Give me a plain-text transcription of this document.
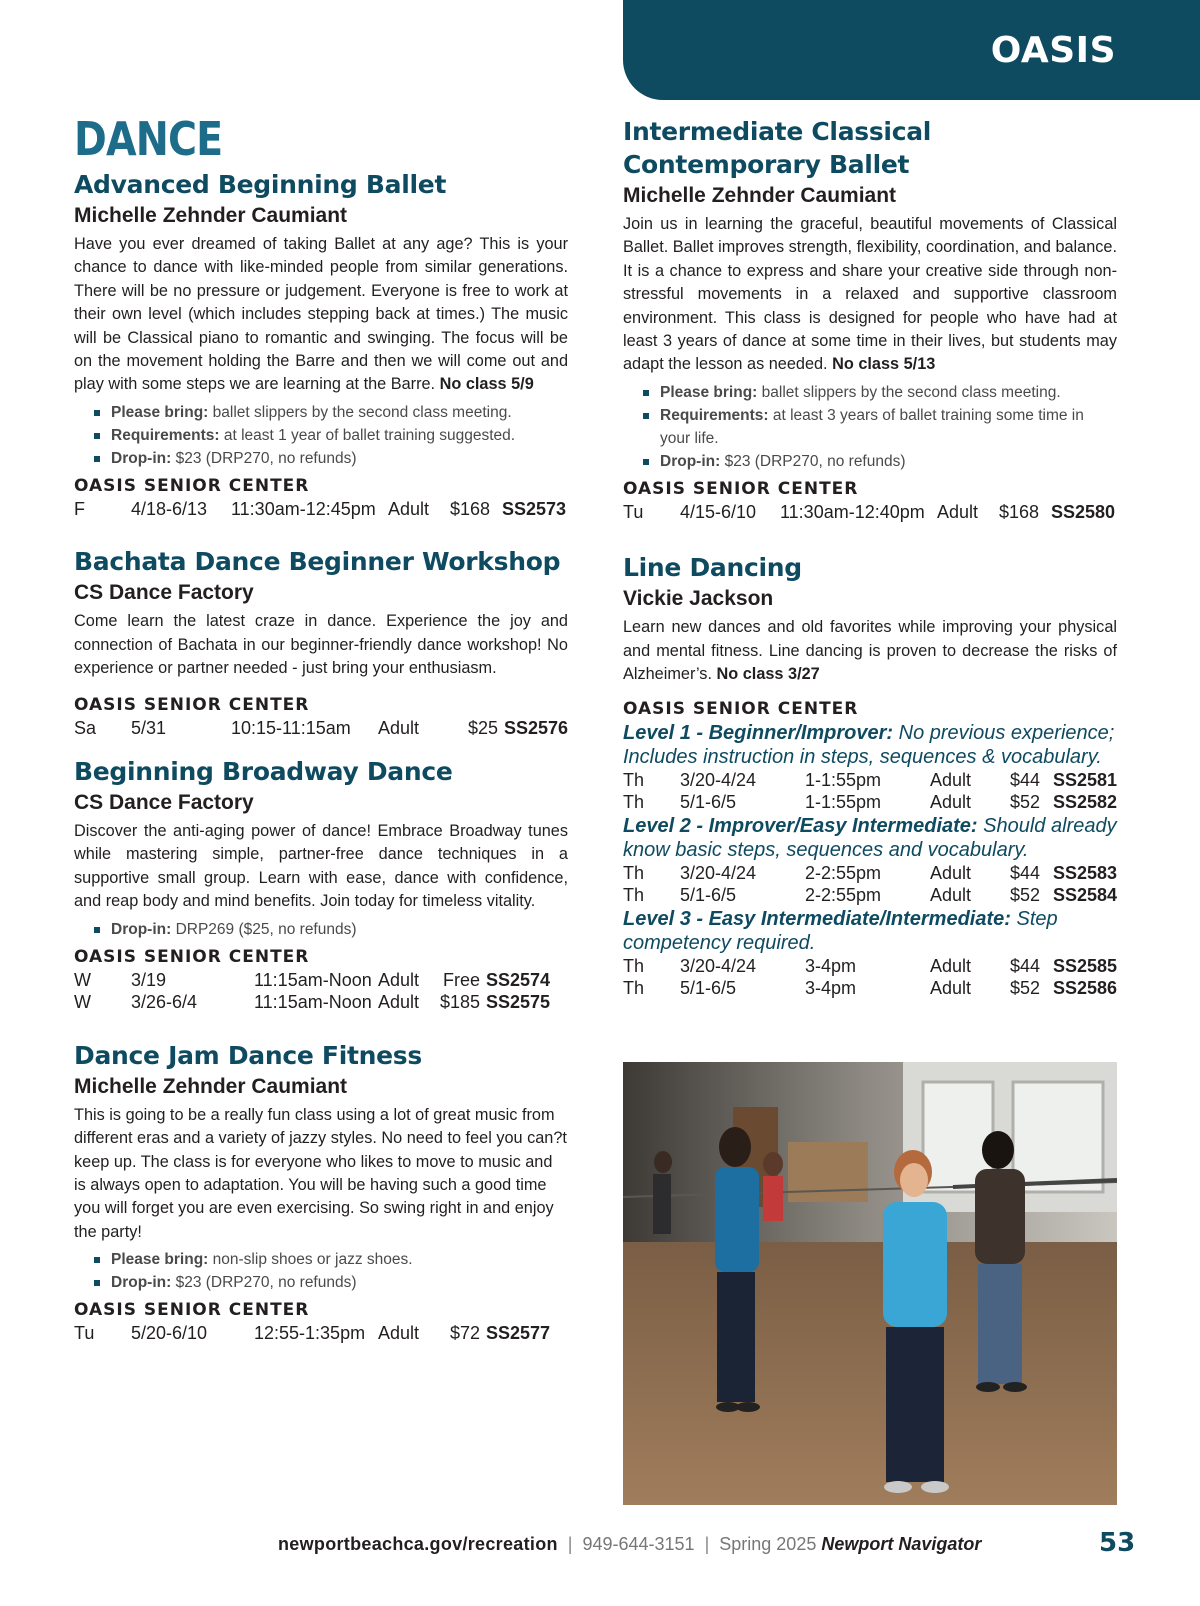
OASIS
DANCE
Advanced Beginning Ballet
Michelle Zehnder Caumiant

Have you ever dreamed of taking Ballet at any age? This is your chance to dance with like-minded people from similar generations. There will be no pressure or judgement. Everyone is free to work at their own level (which includes stepping back at times.) The music will be Classical piano to romantic and swinging. The focus will be on the movement holding the Barre and then we will come out and play with some steps we are learning at the Barre. No class 5/9

Please bring: ballet slippers by the second class meeting.
Requirements: at least 1 year of ballet training suggested.
Drop-in: $23 (DRP270, no refunds)
OASIS SENIOR CENTER
F	4/18-6/13	11:30am-12:45pm Adult	$168 SS2573
Bachata Dance Beginner Workshop
CS Dance Factory

Come learn the latest craze in dance. Experience the joy and connection of Bachata in our beginner-friendly dance workshop! No experience or partner needed - just bring your enthusiasm.

OASIS SENIOR CENTER
Sa	5/31	10:15-11:15am	Adult	$25 SS2576
Beginning Broadway Dance
CS Dance Factory

Discover the anti-aging power of dance! Embrace Broadway tunes while mastering simple, partner-free dance techniques in a supportive small group. Learn with ease, dance with confidence, and reap body and mind benefits. Join today for timeless vitality.

Drop-in: DRP269 ($25, no refunds)
OASIS SENIOR CENTER
W	3/19	11:15am-Noon Adult	Free SS2574
W	3/26-6/4	11:15am-Noon Adult	$185 SS2575
Dance Jam Dance Fitness
Michelle Zehnder Caumiant

This is going to be a really fun class using a lot of great music from different eras and a variety of jazzy styles. No need to feel you can?t keep up. The class is for everyone who likes to move to music and is always open to adaptation. You will be having such a good time you will forget you are even exercising. So swing right in and enjoy the party!

Please bring: non-slip shoes or jazz shoes.
Drop-in: $23 (DRP270, no refunds)
OASIS SENIOR CENTER
Tu	5/20-6/10	12:55-1:35pm Adult	$72 SS2577
Intermediate Classical
Contemporary Ballet
Michelle Zehnder Caumiant

Join us in learning the graceful, beautiful movements of Classical Ballet. Ballet improves strength, flexibility, coordination, and balance. It is a chance to express and share your creative side through non-stressful movements in a relaxed and supportive classroom environment. This class is designed for people who have had at least 3 years of dance at some time in their lives, but students may adapt the lesson as needed. No class 5/13

Please bring: ballet slippers by the second class meeting.
Requirements: at least 3 years of ballet training some time in your life.
Drop-in: $23 (DRP270, no refunds)
OASIS SENIOR CENTER
Tu	4/15-6/10	11:30am-12:40pm Adult	$168 SS2580
Line Dancing
Vickie Jackson

Learn new dances and old favorites while improving your physical and mental fitness. Line dancing is proven to decrease the risks of Alzheimer’s. No class 3/27

OASIS SENIOR CENTER
Level 1 - Beginner/Improver: No previous experience; Includes instruction in steps, sequences & vocabulary.
Th	3/20-4/24	1-1:55pm	Adult	$44 SS2581
Th	5/1-6/5	1-1:55pm	Adult	$52 SS2582
Level 2 - Improver/Easy Intermediate: Should already know basic steps, sequences and vocabulary.
Th	3/20-4/24	2-2:55pm	Adult	$44 SS2583
Th	5/1-6/5	2-2:55pm	Adult	$52 SS2584
Level 3 - Easy Intermediate/Intermediate: Step competency required.
Th	3/20-4/24	3-4pm	Adult	$44 SS2585
Th	5/1-6/5	3-4pm	Adult	$52 SS2586
newportbeachca.gov/recreation | 949-644-3151 | Spring 2025 Newport Navigator	53
